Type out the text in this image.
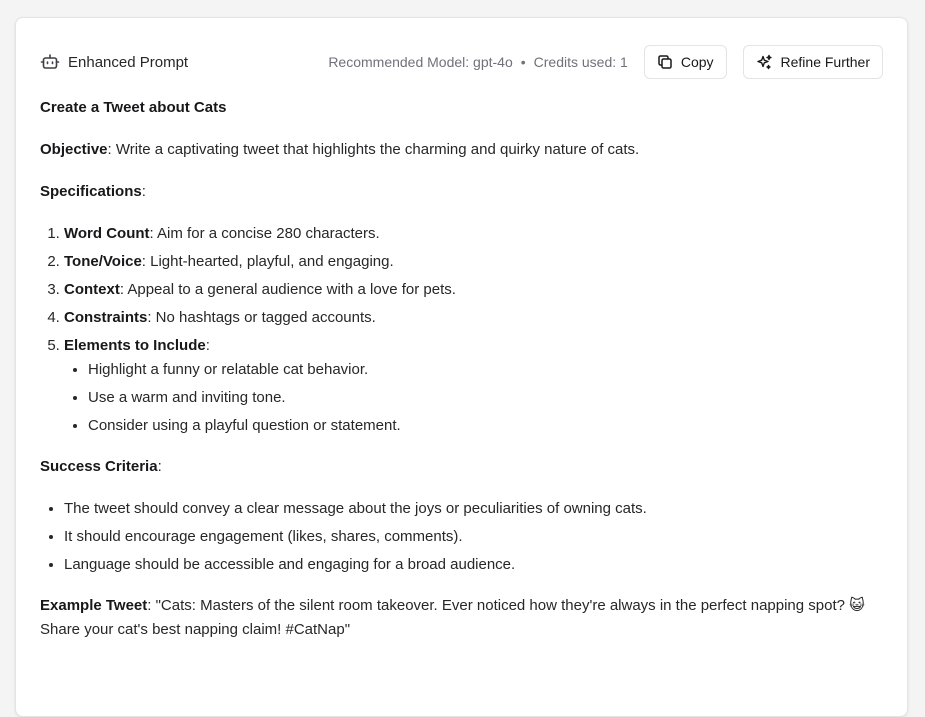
Enhanced Prompt	Recommended Model: gpt-4o • Credits used: 1	Copy	Refine Further

Create a Tweet about Cats

Objective: Write a captivating tweet that highlights the charming and quirky nature of cats.

Specifications:

1. Word Count: Aim for a concise 280 characters.
2. Tone/Voice: Light-hearted, playful, and engaging.
3. Context: Appeal to a general audience with a love for pets.
4. Constraints: No hashtags or tagged accounts.
5. Elements to Include:
• Highlight a funny or relatable cat behavior.
• Use a warm and inviting tone.
• Consider using a playful question or statement.

Success Criteria:

• The tweet should convey a clear message about the joys or peculiarities of owning cats.
• It should encourage engagement (likes, shares, comments).
• Language should be accessible and engaging for a broad audience.

Example Tweet: "Cats: Masters of the silent room takeover. Ever noticed how they're always in the perfect napping spot? 😺 Share your cat's best napping claim! #CatNap"
